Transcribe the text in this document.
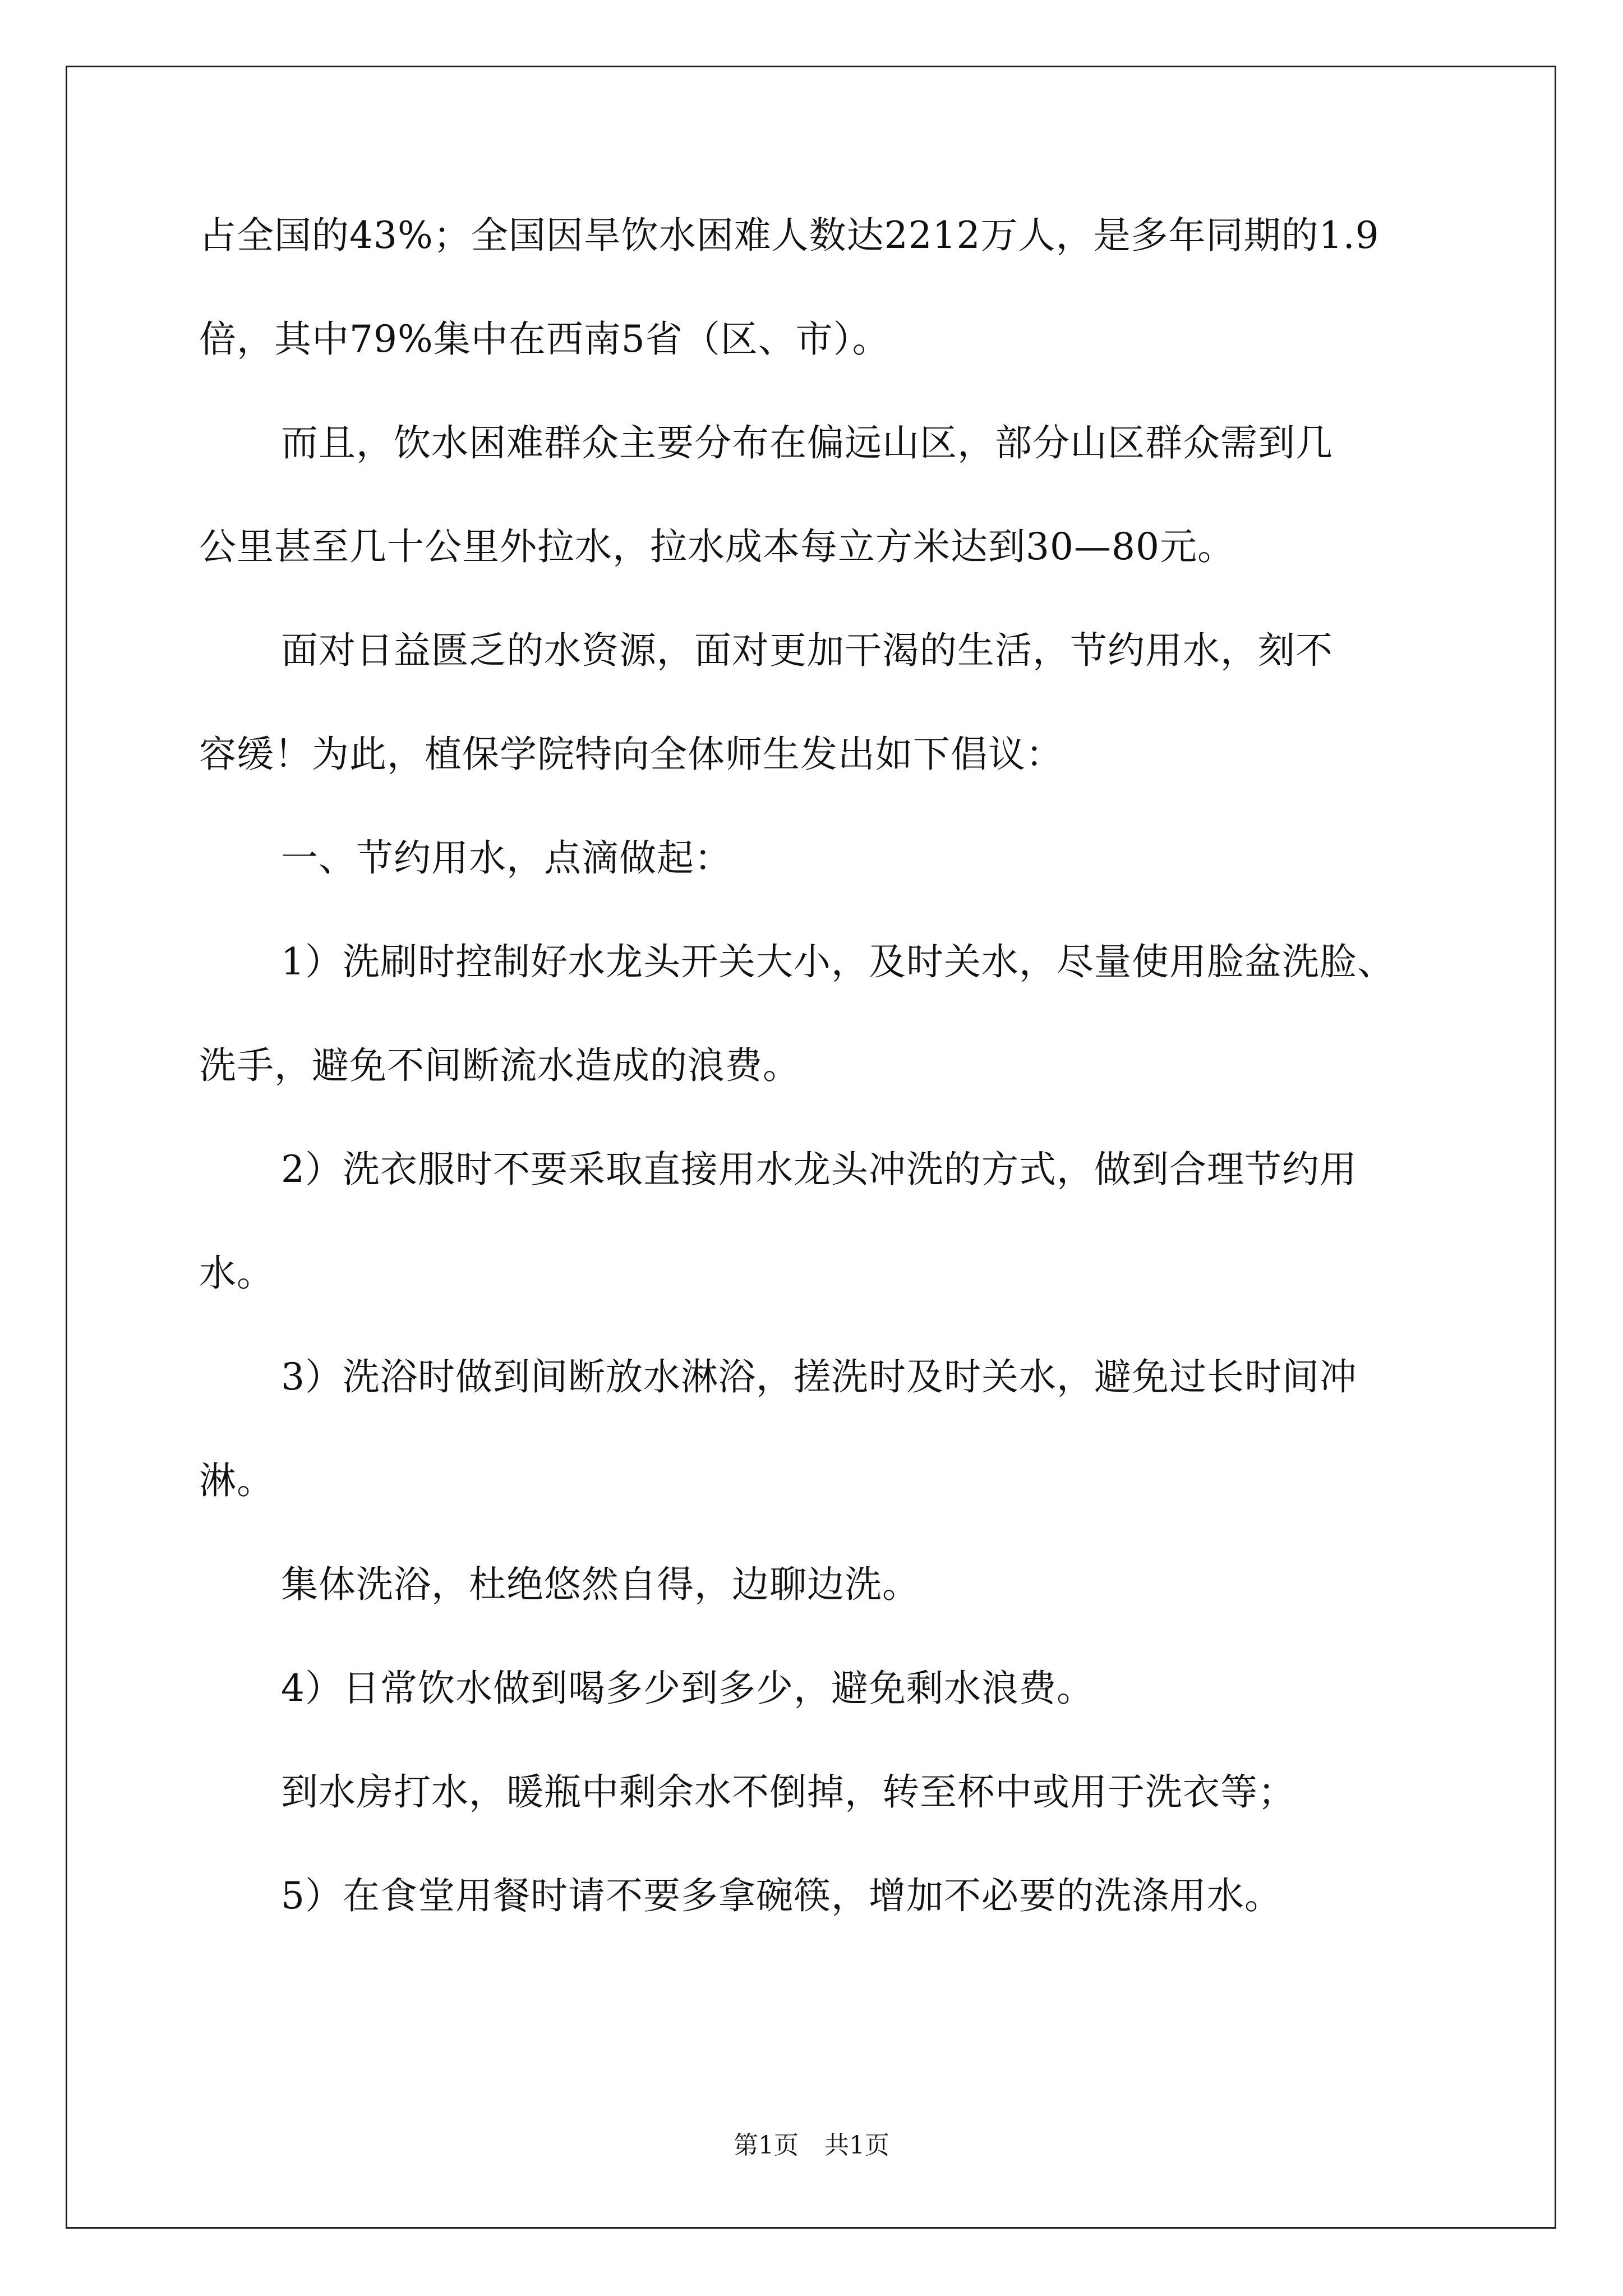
占全国的43%；全国因旱饮水困难人数达2212万人，是多年同期的1.9
倍，其中79%集中在西南5省（区、市）。
而且，饮水困难群众主要分布在偏远山区，部分山区群众需到几
公里甚至几十公里外拉水，拉水成本每立方米达到30—80元。
面对日益匮乏的水资源，面对更加干渴的生活，节约用水，刻不
容缓！为此，植保学院特向全体师生发出如下倡议：
一、节约用水，点滴做起：
1）洗刷时控制好水龙头开关大小，及时关水，尽量使用脸盆洗脸、
洗手，避免不间断流水造成的浪费。
2）洗衣服时不要采取直接用水龙头冲洗的方式，做到合理节约用
水。
3）洗浴时做到间断放水淋浴，搓洗时及时关水，避免过长时间冲
淋。
集体洗浴，杜绝悠然自得，边聊边洗。
4）日常饮水做到喝多少到多少，避免剩水浪费。
到水房打水，暖瓶中剩余水不倒掉，转至杯中或用于洗衣等；
5）在食堂用餐时请不要多拿碗筷，增加不必要的洗涤用水。
第1页 共1页
